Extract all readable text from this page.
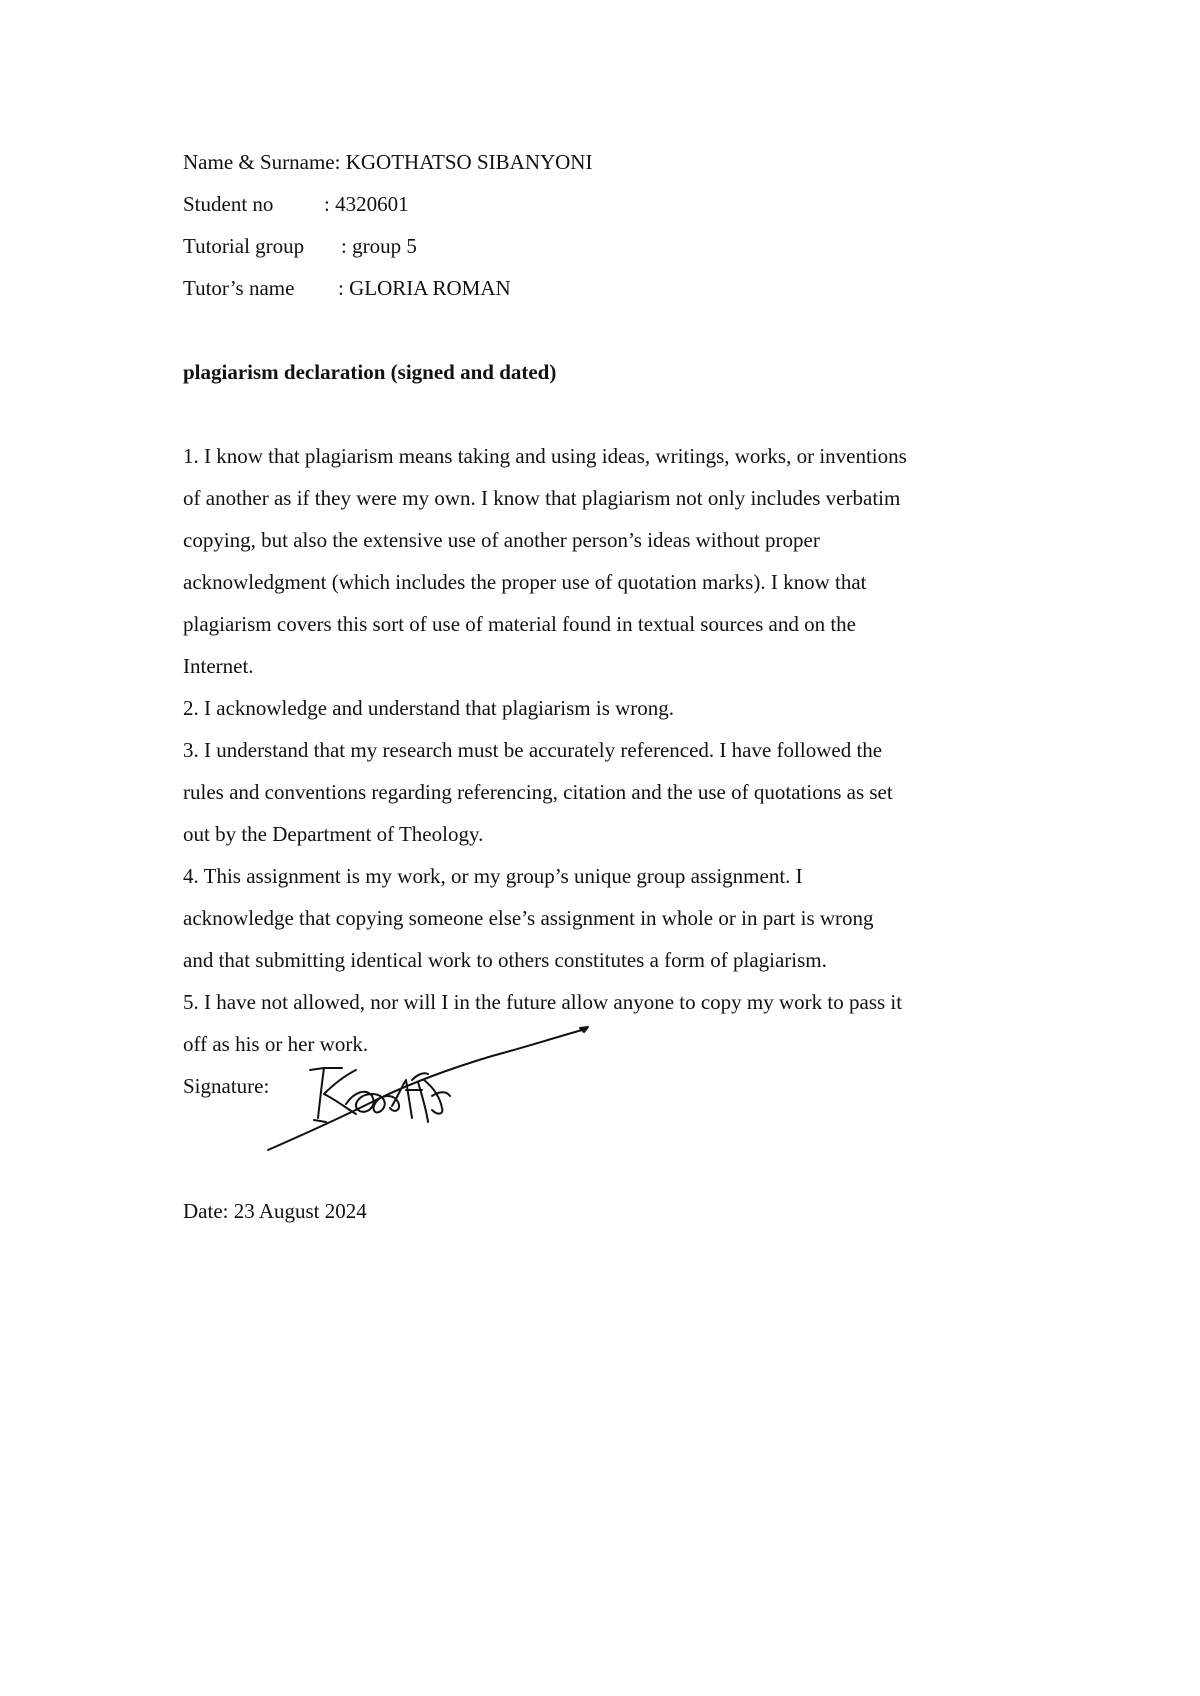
Name & Surname: KGOTHATSO SIBANYONI
Student no : 4320601
Tutorial group : group 5
Tutor’s name : GLORIA ROMAN
plagiarism declaration (signed and dated)
1. I know that plagiarism means taking and using ideas, writings, works, or inventions
of another as if they were my own. I know that plagiarism not only includes verbatim
copying, but also the extensive use of another person’s ideas without proper
acknowledgment (which includes the proper use of quotation marks). I know that
plagiarism covers this sort of use of material found in textual sources and on the
Internet.
2. I acknowledge and understand that plagiarism is wrong.
3. I understand that my research must be accurately referenced. I have followed the
rules and conventions regarding referencing, citation and the use of quotations as set
out by the Department of Theology.
4. This assignment is my work, or my group’s unique group assignment. I
acknowledge that copying someone else’s assignment in whole or in part is wrong
and that submitting identical work to others constitutes a form of plagiarism.
5. I have not allowed, nor will I in the future allow anyone to copy my work to pass it
off as his or her work.
Signature:
Date: 23 August 2024
